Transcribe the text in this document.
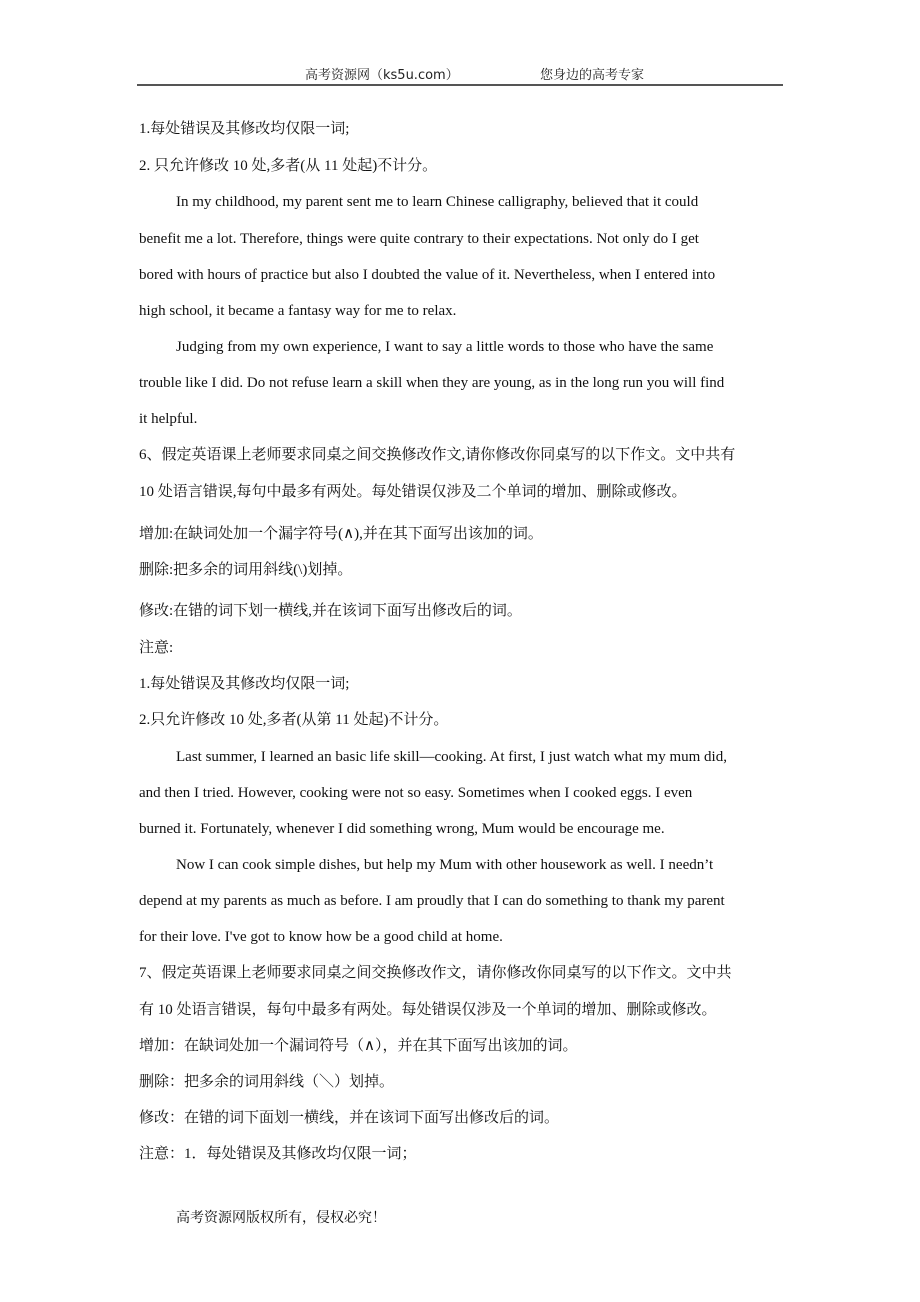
高考资源网（ks5u.com）	您身边的高考专家
1.每处错误及其修改均仅限一词;
2. 只允许修改 10 处,多者(从 11 处起)不计分。
In my childhood, my parent sent me to learn Chinese calligraphy, believed that it could
benefit me a lot. Therefore, things were quite contrary to their expectations. Not only do I get
bored with hours of practice but also I doubted the value of it. Nevertheless, when I entered into
high school, it became a fantasy way for me to relax.
Judging from my own experience, I want to say a little words to those who have the same
trouble like I did. Do not refuse learn a skill when they are young, as in the long run you will find
it helpful.
6、假定英语课上老师要求同桌之间交换修改作文,请你修改你同桌写的以下作文。文中共有
10 处语言错误,每句中最多有两处。每处错误仅涉及二个单词的增加、删除或修改。
增加:在缺词处加一个漏字符号(∧),并在其下面写出该加的词。
删除:把多余的词用斜线(\)划掉。
修改:在错的词下划一横线,并在该词下面写出修改后的词。
注意:
1.每处错误及其修改均仅限一词;
2.只允许修改 10 处,多者(从第 11 处起)不计分。
Last summer, I learned an basic life skill—cooking. At first, I just watch what my mum did,
and then I tried. However, cooking were not so easy. Sometimes when I cooked eggs. I even
burned it. Fortunately, whenever I did something wrong, Mum would be encourage me.
Now I can cook simple dishes, but help my Mum with other housework as well. I needn’t
depend at my parents as much as before. I am proudly that I can do something to thank my parent
for their love. I've got to know how be a good child at home.
7、假定英语课上老师要求同桌之间交换修改作文，请你修改你同桌写的以下作文。文中共
有 10 处语言错误，每句中最多有两处。每处错误仅涉及一个单词的增加、删除或修改。
增加：在缺词处加一个漏词符号（∧），并在其下面写出该加的词。
删除：把多余的词用斜线（＼）划掉。
修改：在错的词下面划一横线，并在该词下面写出修改后的词。
注意：1．每处错误及其修改均仅限一词；
高考资源网版权所有，侵权必究！
